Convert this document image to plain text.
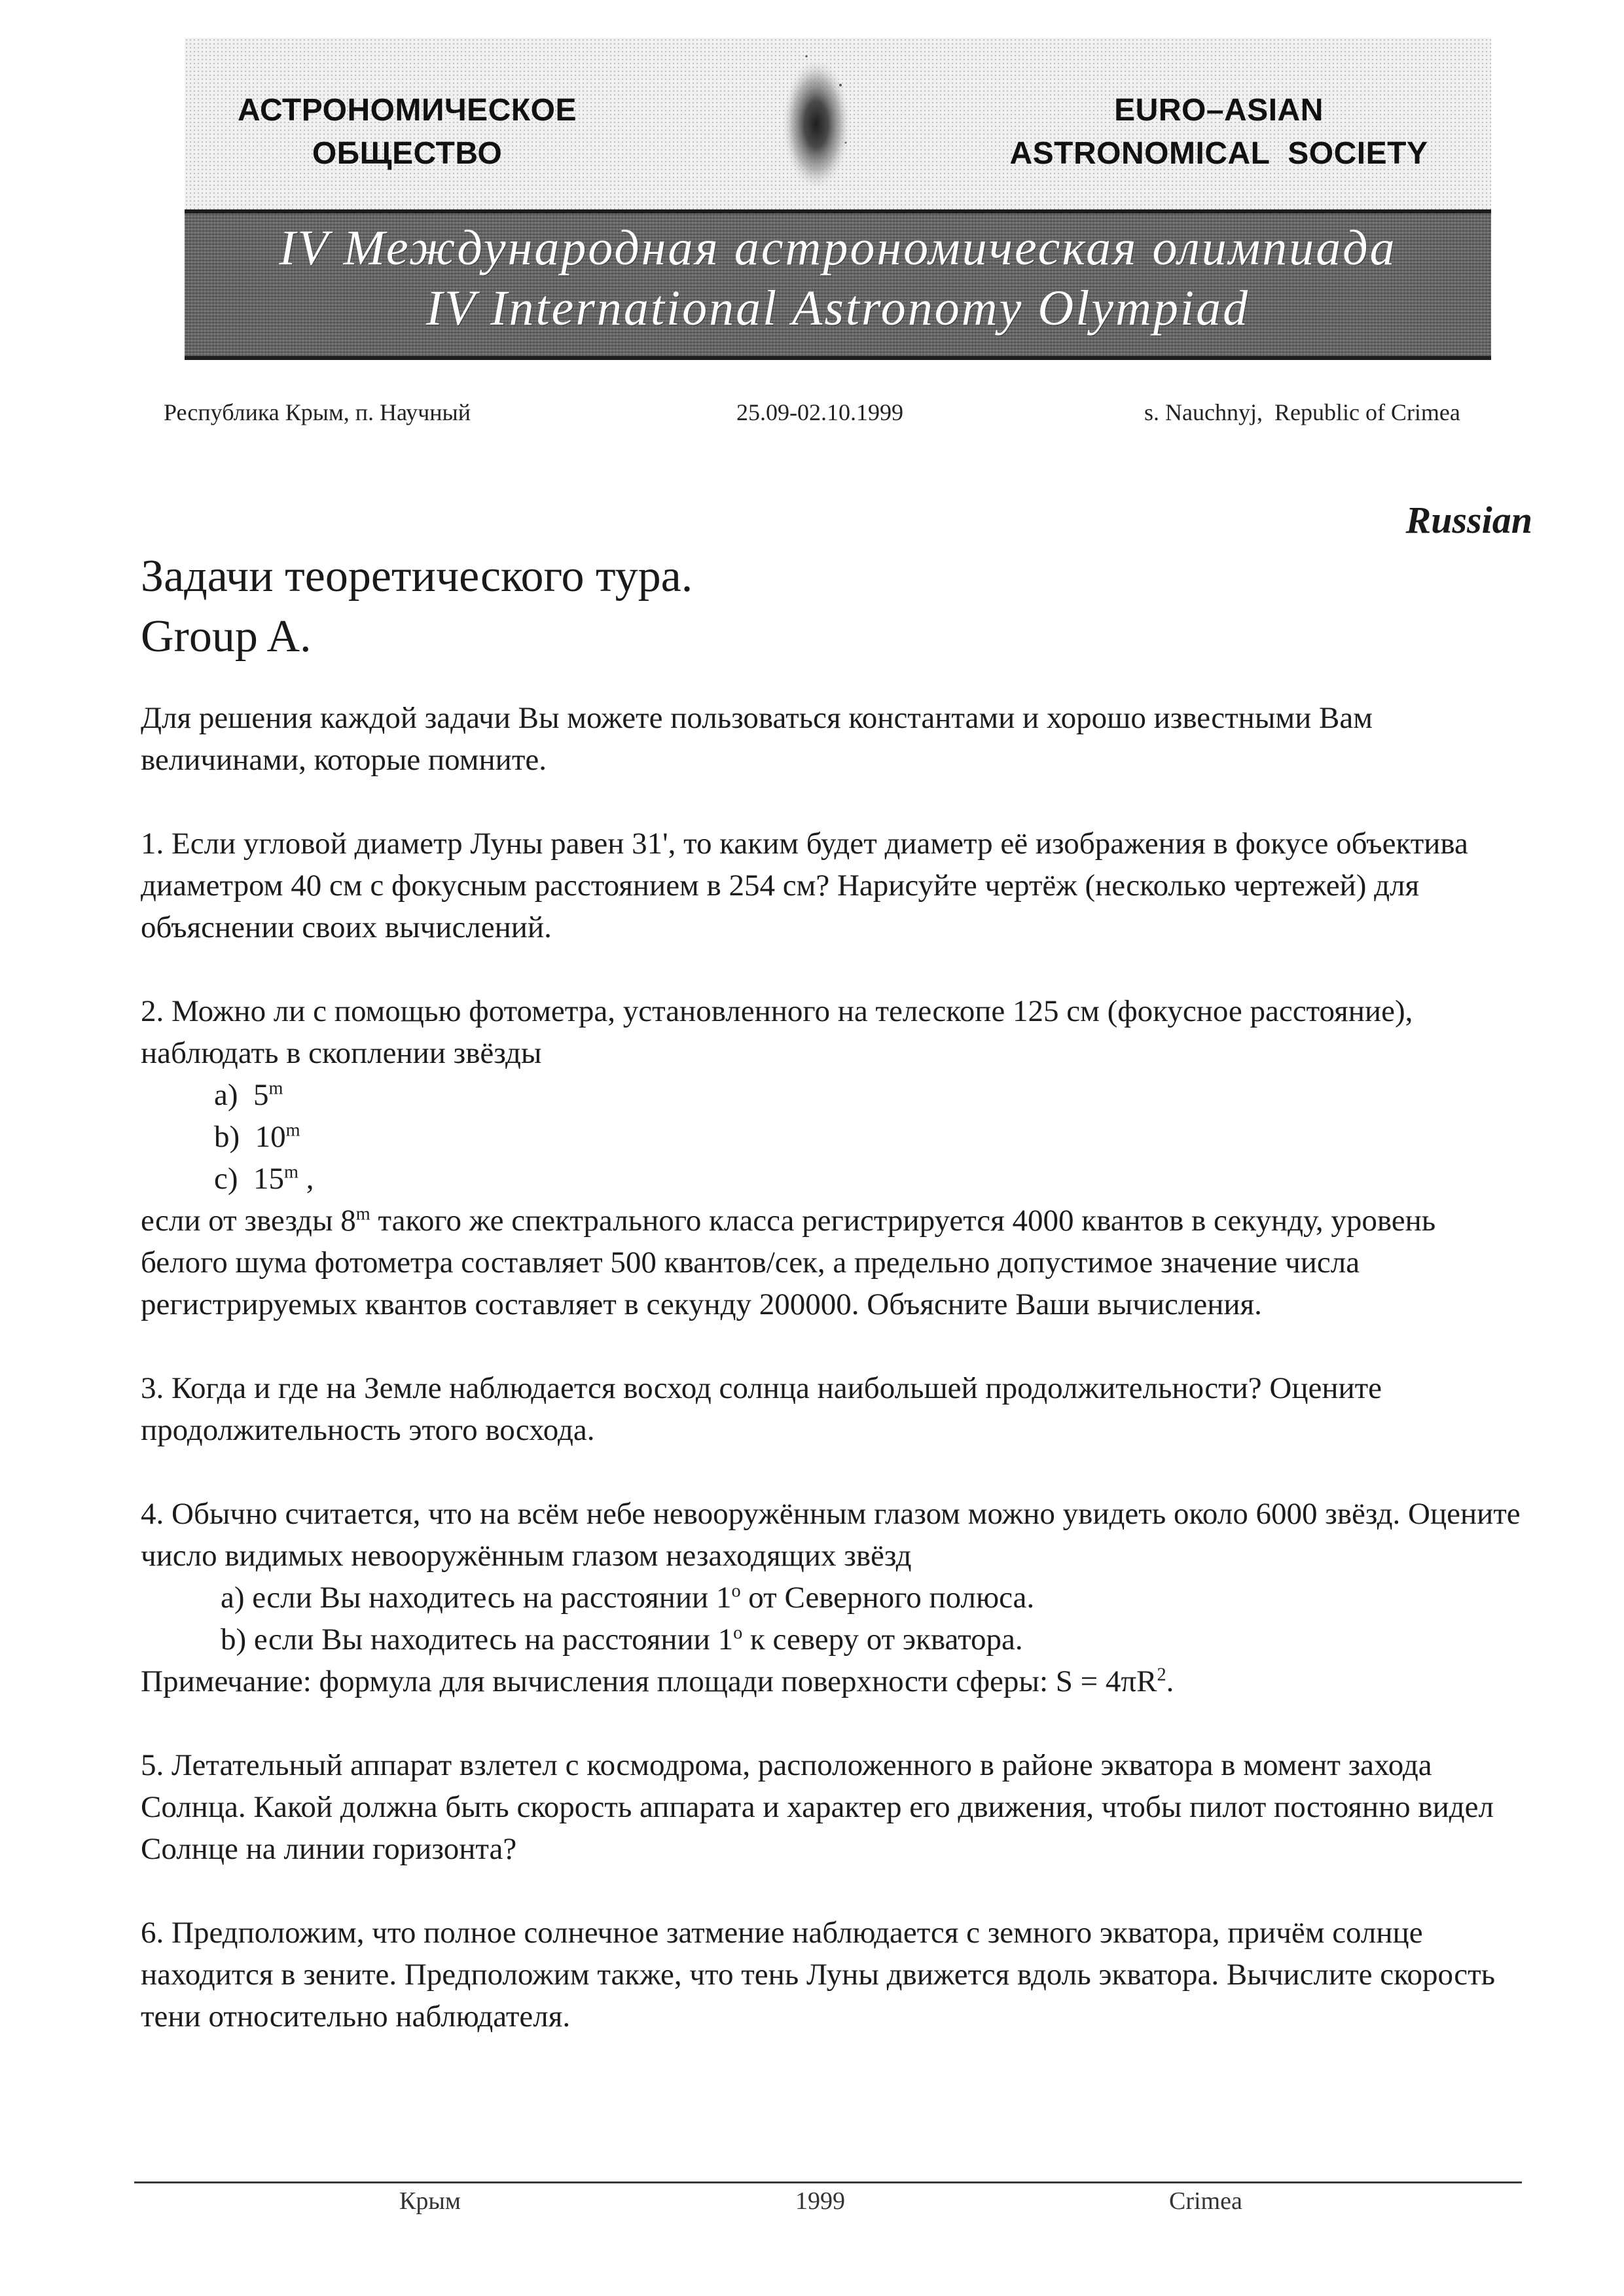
АСТРОНОМИЧЕСКОЕ
ОБЩЕСТВО
EURO–ASIAN
ASTRONOMICAL  SOCIETY
IV Международная астрономическая олимпиада
IV International Astronomy Olympiad
Республика Крым, п. Научный	25.09-02.10.1999	s. Nauchnyj,  Republic of Crimea
Russian
Задачи теоретического тура.
Group A.

Для решения каждой задачи Вы можете пользоваться константами и хорошо известными Вам величинами, которые помните.

1. Если угловой диаметр Луны равен 31', то каким будет диаметр её изображения в фокусе объектива диаметром 40 см с фокусным расстоянием в 254 см? Нарисуйте чертёж (несколько чертежей) для объяснении своих вычислений.

2. Можно ли с помощью фотометра, установленного на телескопе 125 см (фокусное расстояние), наблюдать в скоплении звёзды

a) 5$^m$
b) 10$^m$
c) 15$^m$ ,

если от звезды 8$^m$ такого же спектрального класса регистрируется 4000 квантов в секунду, уровень белого шума фотометра составляет 500 квантов/сек, а предельно допустимое значение числа регистрируемых квантов составляет в секунду 200000. Объясните Ваши вычисления.

3. Когда и где на Земле наблюдается восход солнца наибольшей продолжительности? Оцените продолжительность этого восхода.

4. Обычно считается, что на всём небе невооружённым глазом можно увидеть около 6000 звёзд. Оцените число видимых невооружённым глазом незаходящих звёзд

a) если Вы находитесь на расстоянии 1$^o$ от Северного полюса.
b) если Вы находитесь на расстоянии 1$^o$ к северу от экватора.

Примечание: формула для вычисления площади поверхности сферы: $S = 4\pi R^2$.

5. Летательный аппарат взлетел с космодрома, расположенного в районе экватора в момент захода Солнца. Какой должна быть скорость аппарата и характер его движения, чтобы пилот постоянно видел Солнце на линии горизонта?

6. Предположим, что полное солнечное затмение наблюдается с земного экватора, причём солнце находится в зените. Предположим также, что тень Луны движется вдоль экватора. Вычислите скорость тени относительно наблюдателя.

Крым	1999	Crimea
